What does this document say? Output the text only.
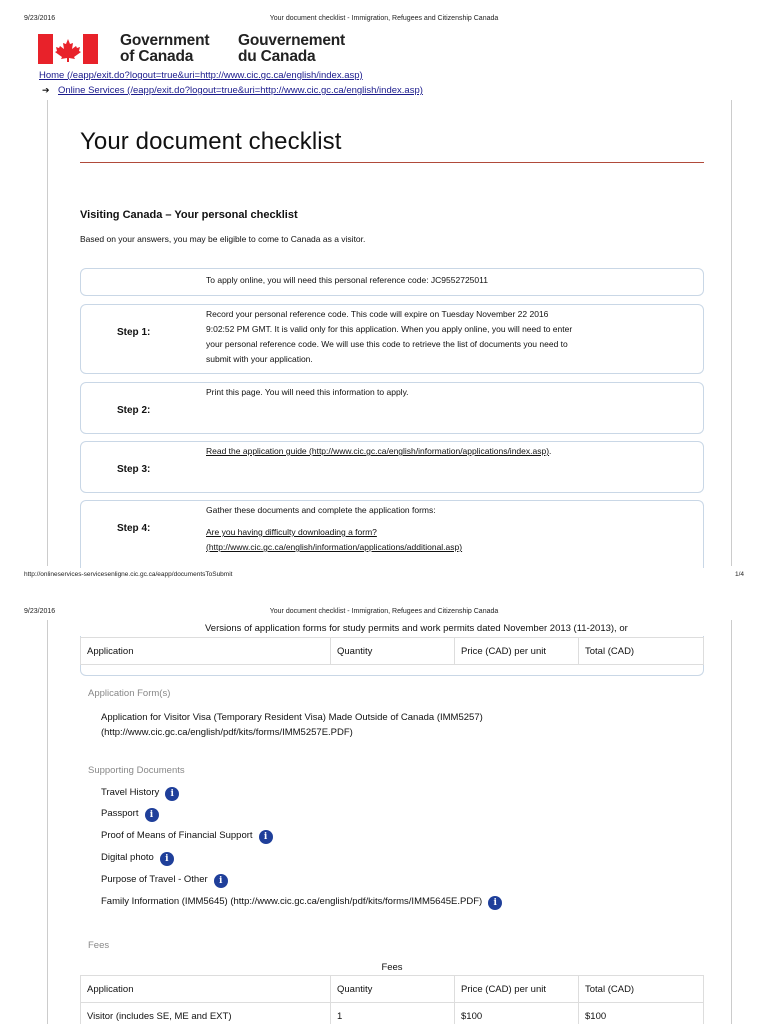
9/23/2016	Your document checklist - Immigration, Refugees and Citizenship Canada
Government
of Canada
Gouvernement
du Canada
Home (/eapp/exit.do?logout=true&uri=http://www.cic.gc.ca/english/index.asp)
➔ Online Services (/eapp/exit.do?logout=true&uri=http://www.cic.gc.ca/english/index.asp)
Your document checklist
Visiting Canada – Your personal checklist
Based on your answers, you may be eligible to come to Canada as a visitor.
To apply online, you will need this personal reference code: JC9552725011
Step 1:
Record your personal reference code. This code will expire on Tuesday November 22 2016
9:02:52 PM GMT. It is valid only for this application. When you apply online, you will need to enter
your personal reference code. We will use this code to retrieve the list of documents you need to
submit with your application.
Step 2:
Print this page. You will need this information to apply.
Step 3:
Read the application guide (http://www.cic.gc.ca/english/information/applications/index.asp).
Step 4:
Gather these documents and complete the application forms:
Are you having difficulty downloading a form?
(http://www.cic.gc.ca/english/information/applications/additional.asp)
http://onlineservices-servicesenligne.cic.gc.ca/eapp/documentsToSubmit	1/4
9/23/2016	Your document checklist - Immigration, Refugees and Citizenship Canada
Versions of application forms for study permits and work permits dated November 2013 (11-2013), or
Application	Quantity	Price (CAD) per unit	Total (CAD)
Application Form(s)
Application for Visitor Visa (Temporary Resident Visa) Made Outside of Canada (IMM5257)
(http://www.cic.gc.ca/english/pdf/kits/forms/IMM5257E.PDF)
Supporting Documents
Travel History i
Passport i
Proof of Means of Financial Support i
Digital photo i
Purpose of Travel - Other i
Family Information (IMM5645) (http://www.cic.gc.ca/english/pdf/kits/forms/IMM5645E.PDF) i
Fees
Fees
Application	Quantity	Price (CAD) per unit	Total (CAD)
Visitor (includes SE, ME and EXT)	1	$100	$100
